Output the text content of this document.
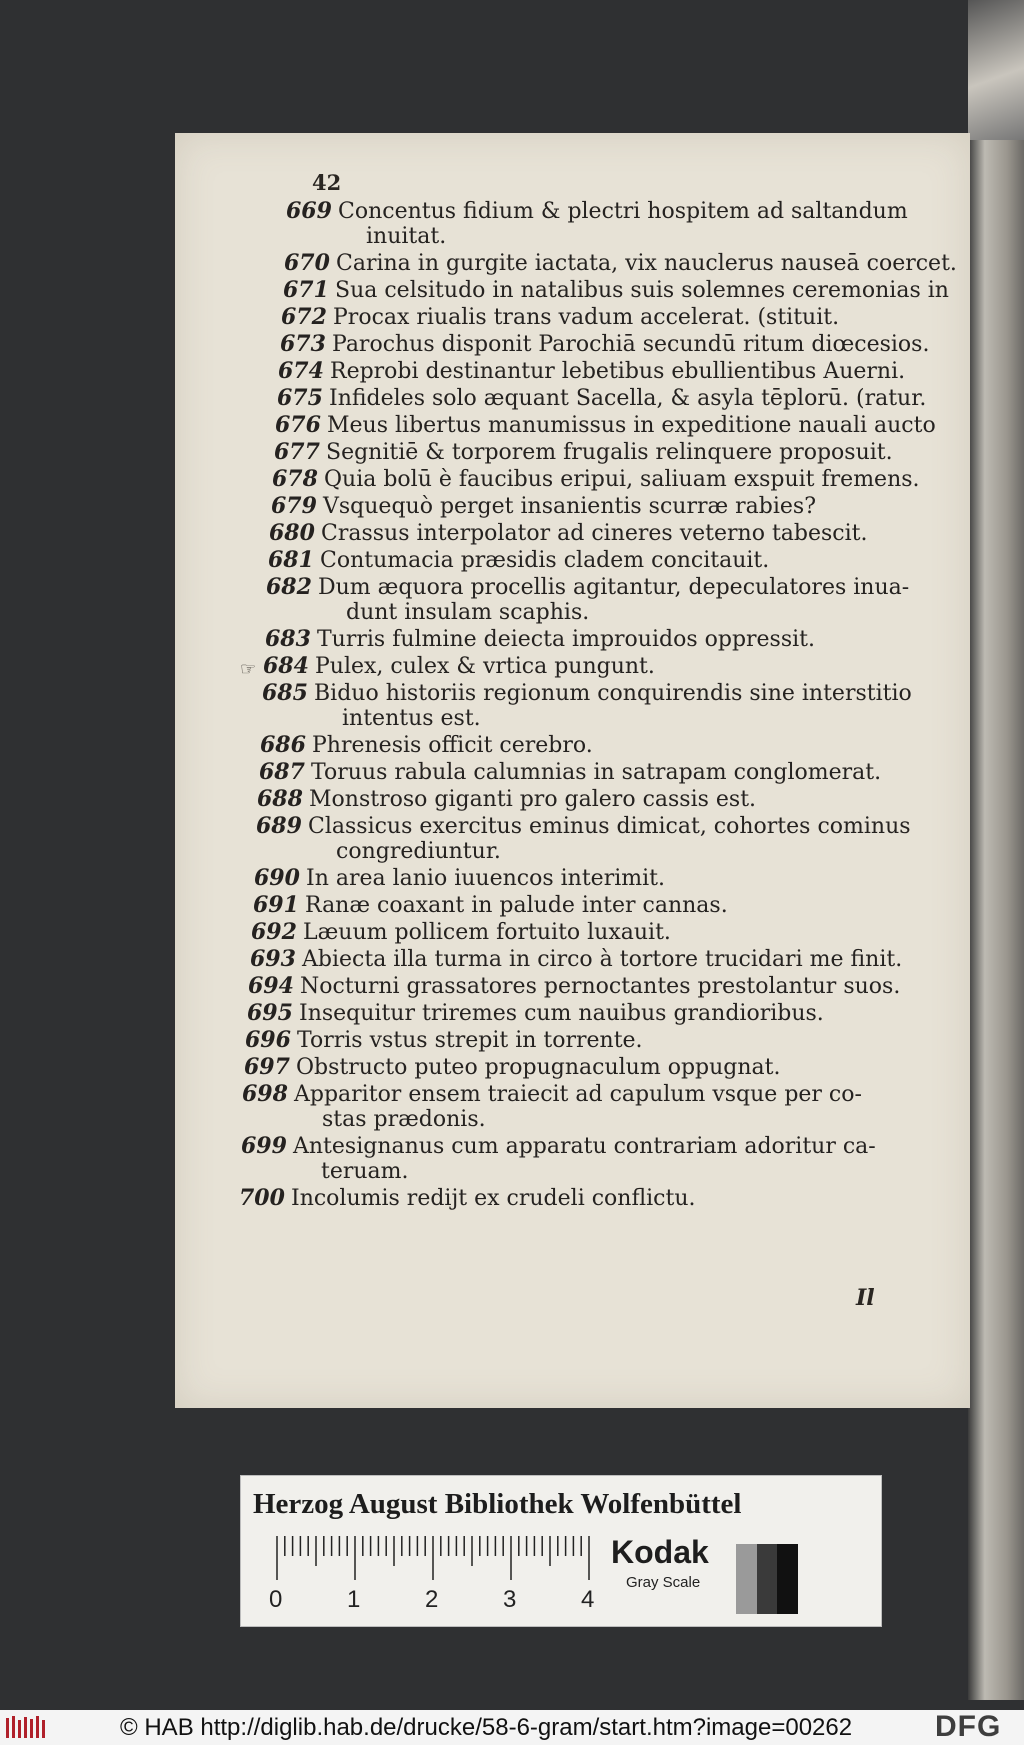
42
☞
669 Concentus fidium & plectri hospitem ad saltandum
inuitat.
670 Carina in gurgite iactata, vix nauclerus nauseā coercet.
671 Sua celsitudo in natalibus suis solemnes ceremonias in
672 Procax riualis trans vadum accelerat. (stituit.
673 Parochus disponit Parochiā secundū ritum diœcesios.
674 Reprobi destinantur lebetibus ebullientibus Auerni.
675 Infideles solo æquant Sacella, & asyla tēplorū. (ratur.
676 Meus libertus manumissus in expeditione nauali aucto
677 Segnitiē & torporem frugalis relinquere proposuit.
678 Quia bolū è faucibus eripui, saliuam exspuit fremens.
679 Vsquequò perget insanientis scurræ rabies?
680 Crassus interpolator ad cineres veterno tabescit.
681 Contumacia præsidis cladem concitauit.
682 Dum æquora procellis agitantur, depeculatores inua-
dunt insulam scaphis.
683 Turris fulmine deiecta improuidos oppressit.
684 Pulex, culex & vrtica pungunt.
685 Biduo historiis regionum conquirendis sine interstitio
intentus est.
686 Phrenesis officit cerebro.
687 Toruus rabula calumnias in satrapam conglomerat.
688 Monstroso giganti pro galero cassis est.
689 Classicus exercitus eminus dimicat, cohortes cominus
congrediuntur.
690 In area lanio iuuencos interimit.
691 Ranæ coaxant in palude inter cannas.
692 Læuum pollicem fortuito luxauit.
693 Abiecta illa turma in circo à tortore trucidari me finit.
694 Nocturni grassatores pernoctantes prestolantur suos.
695 Insequitur triremes cum nauibus grandioribus.
696 Torris vstus strepit in torrente.
697 Obstructo puteo propugnaculum oppugnat.
698 Apparitor ensem traiecit ad capulum vsque per co-
stas prædonis.
699 Antesignanus cum apparatu contrariam adoritur ca-
teruam.
700 Incolumis redijt ex crudeli conflictu.
Il
Herzog August Bibliothek Wolfenbüttel
0	1	2	3	4
Kodak
Gray Scale
© HAB http://diglib.hab.de/drucke/58-6-gram/start.htm?image=00262	DFG
